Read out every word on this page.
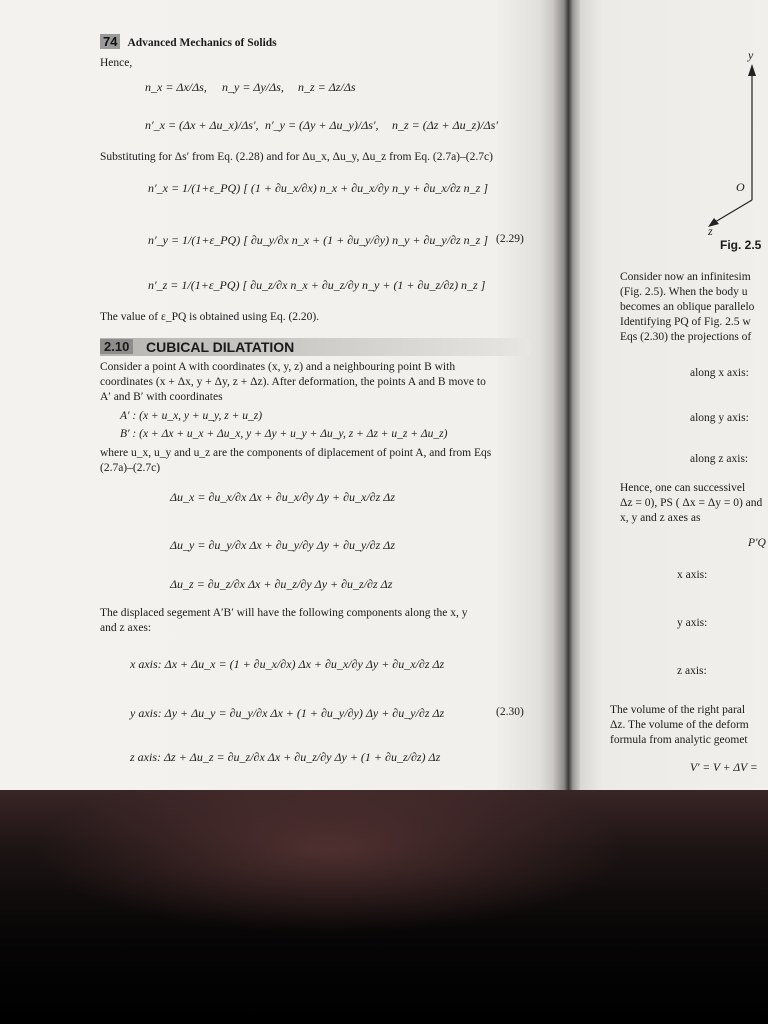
74 Advanced Mechanics of Solids
Hence,
n_x = Δx/Δs, n_y = Δy/Δs, n_z = Δz/Δs
n′_x = (Δx + Δu_x)/Δs′, n′_y = (Δy + Δu_y)/Δs′, n_z = (Δz + Δu_z)/Δs′
Substituting for Δs′ from Eq. (2.28) and for Δu_x, Δu_y, Δu_z from Eq. (2.7a)–(2.7c)
n′_x = 1/(1+ε_PQ) [ (1 + ∂u_x/∂x) n_x + ∂u_x/∂y n_y + ∂u_x/∂z n_z ]
n′_y = 1/(1+ε_PQ) [ ∂u_y/∂x n_x + (1 + ∂u_y/∂y) n_y + ∂u_y/∂z n_z ] (2.29)
n′_z = 1/(1+ε_PQ) [ ∂u_z/∂x n_x + ∂u_z/∂y n_y + (1 + ∂u_z/∂z) n_z ]
The value of ε_PQ is obtained using Eq. (2.20).
2.10 CUBICAL DILATATION
Consider a point A with coordinates (x, y, z) and a neighbouring point B with
coordinates (x + Δx, y + Δy, z + Δz). After deformation, the points A and B move to
A′ and B′ with coordinates
A′ : (x + u_x, y + u_y, z + u_z)
B′ : (x + Δx + u_x + Δu_x, y + Δy + u_y + Δu_y, z + Δz + u_z + Δu_z)
where u_x, u_y and u_z are the components of diplacement of point A, and from Eqs
(2.7a)–(2.7c)
Δu_x = ∂u_x/∂x Δx + ∂u_x/∂y Δy + ∂u_x/∂z Δz
Δu_y = ∂u_y/∂x Δx + ∂u_y/∂y Δy + ∂u_y/∂z Δz
Δu_z = ∂u_z/∂x Δx + ∂u_z/∂y Δy + ∂u_z/∂z Δz
The displaced segement A′B′ will have the following components along the x, y
and z axes:
x axis: Δx + Δu_x = (1 + ∂u_x/∂x) Δx + ∂u_x/∂y Δy + ∂u_x/∂z Δz
y axis: Δy + Δu_y = ∂u_y/∂x Δx + (1 + ∂u_y/∂y) Δy + ∂u_y/∂z Δz	(2.30)
z axis: Δz + Δu_z = ∂u_z/∂x Δx + ∂u_z/∂y Δy + (1 + ∂u_z/∂z) Δz
y
O
z
Fig. 2.5
Consider now an infinitesim
(Fig. 2.5). When the body u
becomes an oblique parallelo
Identifying PQ of Fig. 2.5 w
Eqs (2.30) the projections of
along x axis:
along y axis:
along z axis:
Hence, one can successivel
Δz = 0), PS ( Δx = Δy = 0) and
x, y and z axes as
P′Q
x axis:
y axis:
z axis:
The volume of the right paral
Δz. The volume of the deform
formula from analytic geomet
V′ = V + ΔV =
